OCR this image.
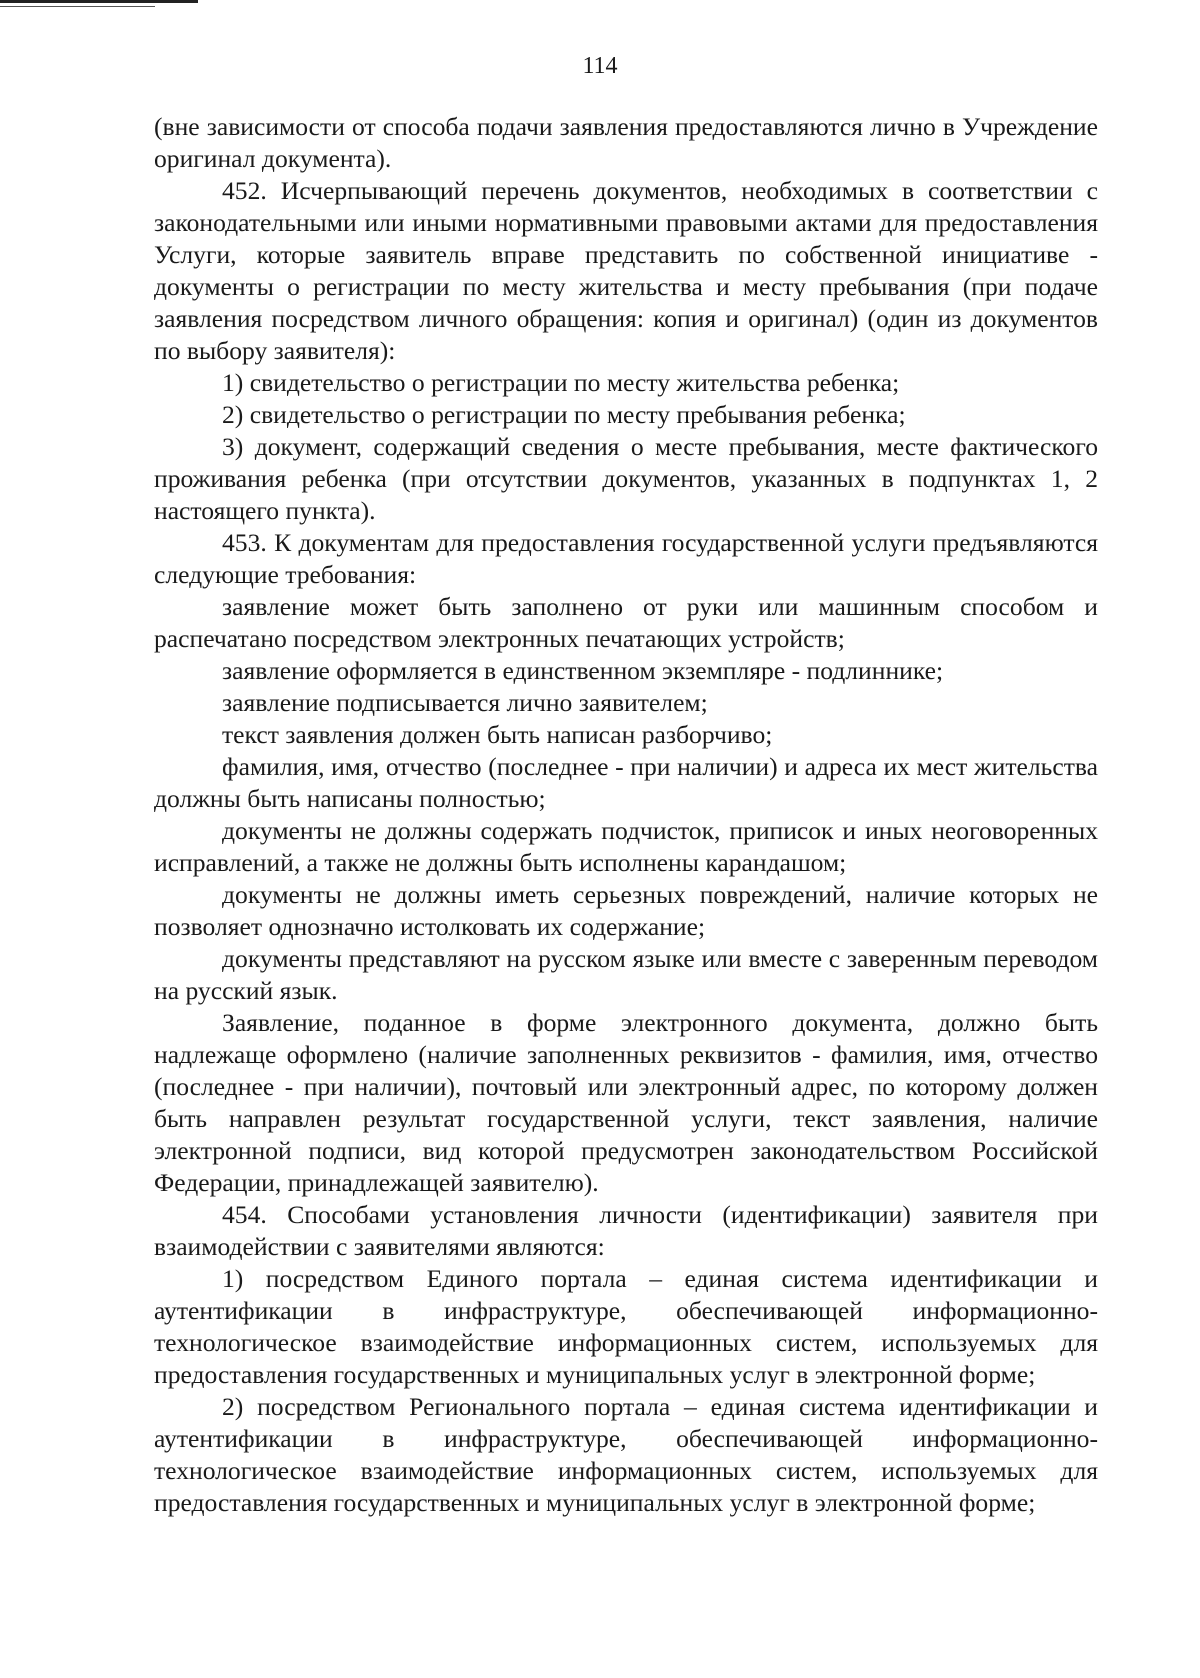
114

(вне зависимости от способа подачи заявления предоставляются лично в Учреждение оригинал документа).

452. Исчерпывающий перечень документов, необходимых в соответствии с законодательными или иными нормативными правовыми актами для предоставления Услуги, которые заявитель вправе представить по собственной инициативе - документы о регистрации по месту жительства и месту пребывания (при подаче заявления посредством личного обращения: копия и оригинал) (один из документов по выбору заявителя):

1) свидетельство о регистрации по месту жительства ребенка;

2) свидетельство о регистрации по месту пребывания ребенка;

3) документ, содержащий сведения о месте пребывания, месте фактического проживания ребенка (при отсутствии документов, указанных в подпунктах 1, 2 настоящего пункта).

453. К документам для предоставления государственной услуги предъявляются следующие требования:

заявление может быть заполнено от руки или машинным способом и распечатано посредством электронных печатающих устройств;

заявление оформляется в единственном экземпляре - подлиннике;

заявление подписывается лично заявителем;

текст заявления должен быть написан разборчиво;

фамилия, имя, отчество (последнее - при наличии) и адреса их мест жительства должны быть написаны полностью;

документы не должны содержать подчисток, приписок и иных неоговоренных исправлений, а также не должны быть исполнены карандашом;

документы не должны иметь серьезных повреждений, наличие которых не позволяет однозначно истолковать их содержание;

документы представляют на русском языке или вместе с заверенным переводом на русский язык.

Заявление, поданное в форме электронного документа, должно быть надлежаще оформлено (наличие заполненных реквизитов - фамилия, имя, отчество (последнее - при наличии), почтовый или электронный адрес, по которому должен быть направлен результат государственной услуги, текст заявления, наличие электронной подписи, вид которой предусмотрен законодательством Российской Федерации, принадлежащей заявителю).

454. Способами установления личности (идентификации) заявителя при взаимодействии с заявителями являются:

1) посредством Единого портала – единая система идентификации и аутентификации в инфраструктуре, обеспечивающей информационно-технологическое взаимодействие информационных систем, используемых для предоставления государственных и муниципальных услуг в электронной форме;

2) посредством Регионального портала – единая система идентификации и аутентификации в инфраструктуре, обеспечивающей информационно-технологическое взаимодействие информационных систем, используемых для предоставления государственных и муниципальных услуг в электронной форме;
